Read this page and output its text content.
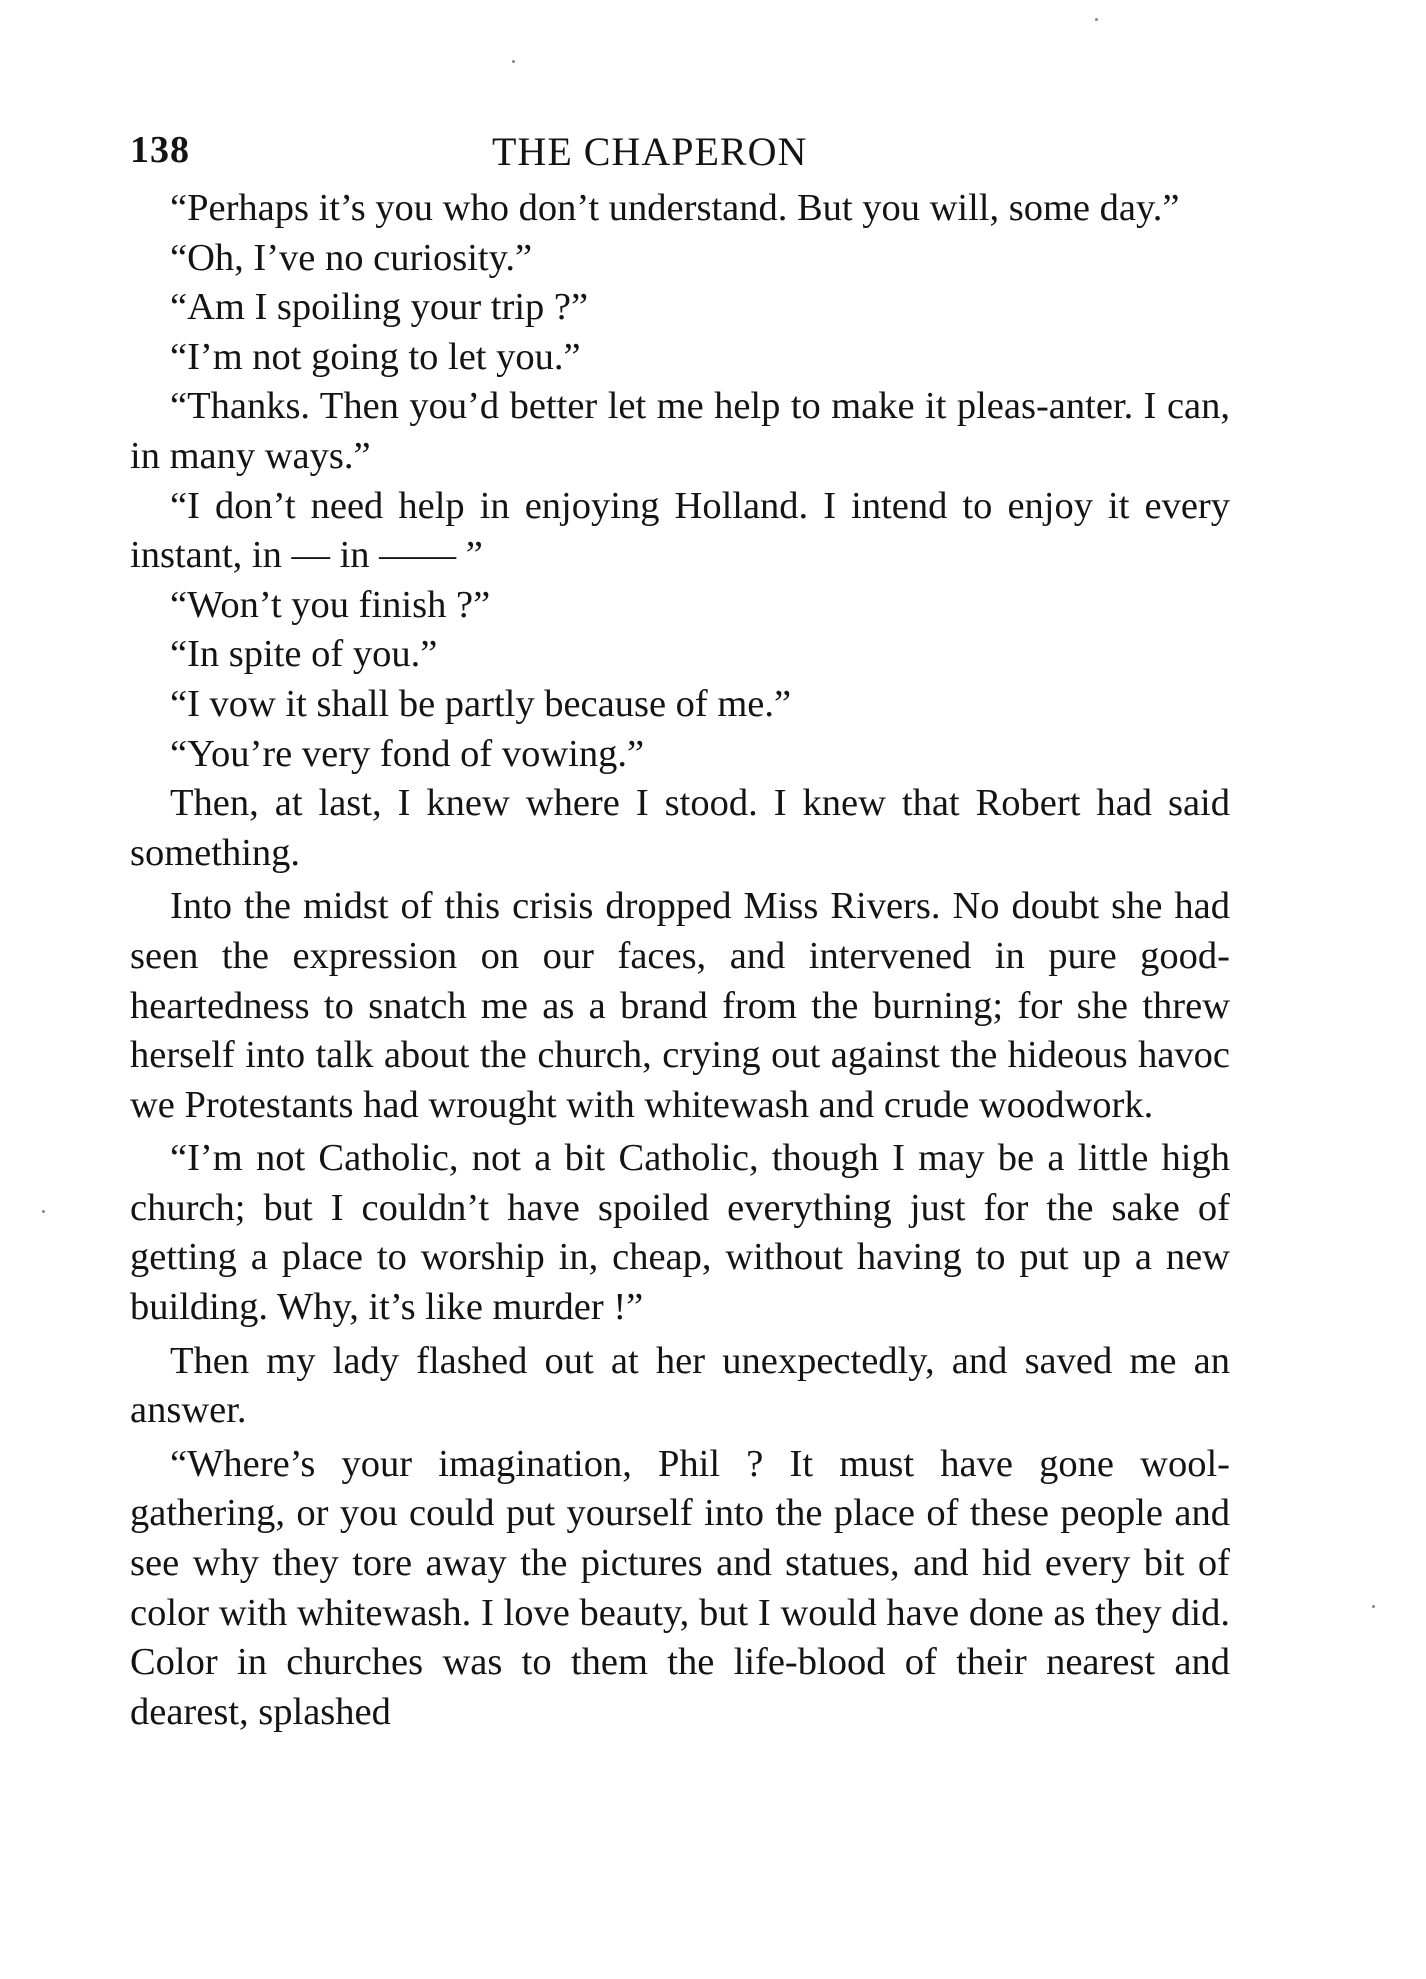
138	THE CHAPERON

“Perhaps it’s you who don’t understand. But you will, some day.”

“Oh, I’ve no curiosity.”

“Am I spoiling your trip ?”

“I’m not going to let you.”

“Thanks. Then you’d better let me help to make it pleas-anter. I can, in many ways.”

“I don’t need help in enjoying Holland. I intend to enjoy it every instant, in — in —— ”

“Won’t you finish ?”

“In spite of you.”

“I vow it shall be partly because of me.”

“You’re very fond of vowing.”

Then, at last, I knew where I stood. I knew that Robert had said something.

Into the midst of this crisis dropped Miss Rivers. No doubt she had seen the expression on our faces, and intervened in pure good-heartedness to snatch me as a brand from the burning; for she threw herself into talk about the church, crying out against the hideous havoc we Protestants had wrought with whitewash and crude woodwork.

“I’m not Catholic, not a bit Catholic, though I may be a little high church; but I couldn’t have spoiled everything just for the sake of getting a place to worship in, cheap, without having to put up a new building. Why, it’s like murder !”

Then my lady flashed out at her unexpectedly, and saved me an answer.

“Where’s your imagination, Phil ? It must have gone wool-gathering, or you could put yourself into the place of these people and see why they tore away the pictures and statues, and hid every bit of color with whitewash. I love beauty, but I would have done as they did. Color in churches was to them the life-blood of their nearest and dearest, splashed
